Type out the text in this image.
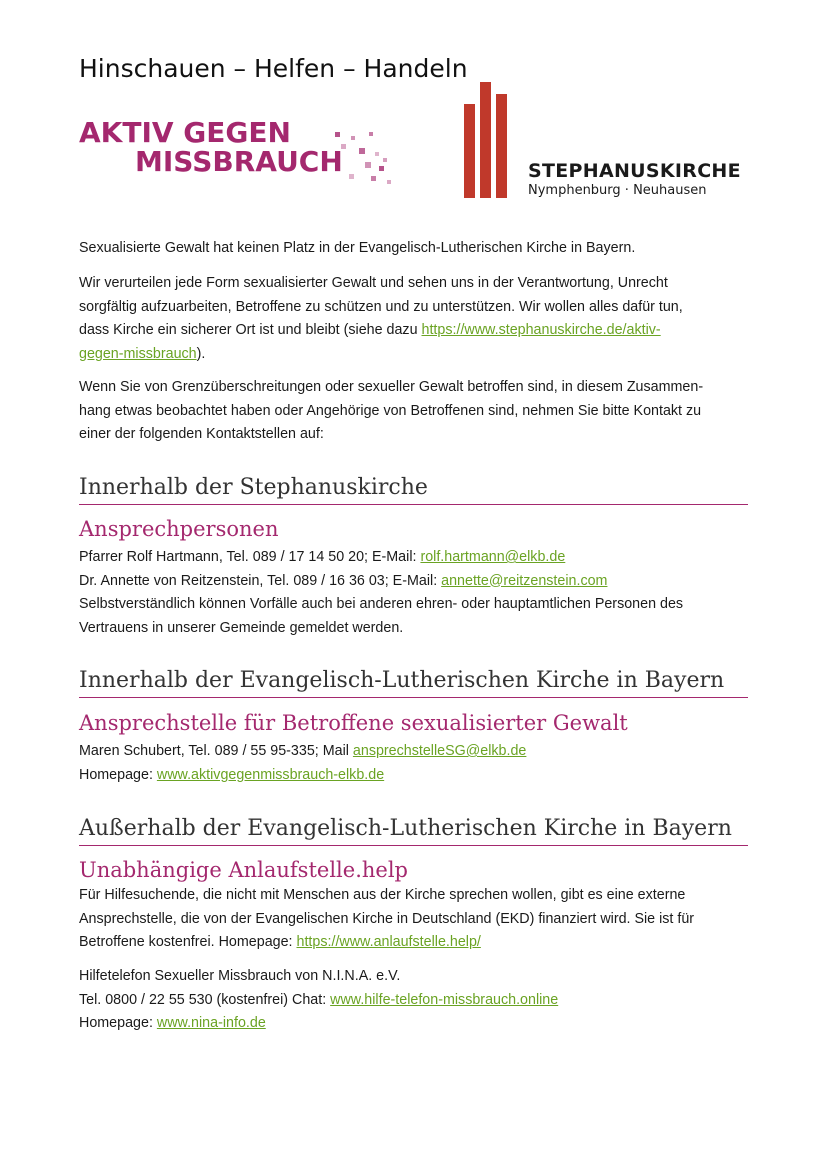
Hinschauen – Helfen – Handeln
AKTIV GEGEN
MISSBRAUCH	STEPHANUSKIRCHE
Nymphenburg · Neuhausen

Sexualisierte Gewalt hat keinen Platz in der Evangelisch-Lutherischen Kirche in Bayern.

Wir verurteilen jede Form sexualisierter Gewalt und sehen uns in der Verantwortung, Unrecht
sorgfältig aufzuarbeiten, Betroffene zu schützen und zu unterstützen. Wir wollen alles dafür tun,
dass Kirche ein sicherer Ort ist und bleibt (siehe dazu https://www.stephanuskirche.de/aktiv-
gegen-missbrauch).

Wenn Sie von Grenzüberschreitungen oder sexueller Gewalt betroffen sind, in diesem Zusammen-
hang etwas beobachtet haben oder Angehörige von Betroffenen sind, nehmen Sie bitte Kontakt zu
einer der folgenden Kontaktstellen auf:

Innerhalb der Stephanuskirche
Ansprechpersonen

Pfarrer Rolf Hartmann, Tel. 089 / 17 14 50 20; E-Mail: rolf.hartmann@elkb.de
Dr. Annette von Reitzenstein, Tel. 089 / 16 36 03; E-Mail: annette@reitzenstein.com
Selbstverständlich können Vorfälle auch bei anderen ehren- oder hauptamtlichen Personen des
Vertrauens in unserer Gemeinde gemeldet werden.

Innerhalb der Evangelisch-Lutherischen Kirche in Bayern
Ansprechstelle für Betroffene sexualisierter Gewalt

Maren Schubert, Tel. 089 / 55 95-335; Mail ansprechstelleSG@elkb.de
Homepage: www.aktivgegenmissbrauch-elkb.de

Außerhalb der Evangelisch-Lutherischen Kirche in Bayern
Unabhängige Anlaufstelle.help

Für Hilfesuchende, die nicht mit Menschen aus der Kirche sprechen wollen, gibt es eine externe
Ansprechstelle, die von der Evangelischen Kirche in Deutschland (EKD) finanziert wird. Sie ist für
Betroffene kostenfrei. Homepage: https://www.anlaufstelle.help/

Hilfetelefon Sexueller Missbrauch von N.I.N.A. e.V.
Tel. 0800 / 22 55 530 (kostenfrei) Chat: www.hilfe-telefon-missbrauch.online
Homepage: www.nina-info.de
